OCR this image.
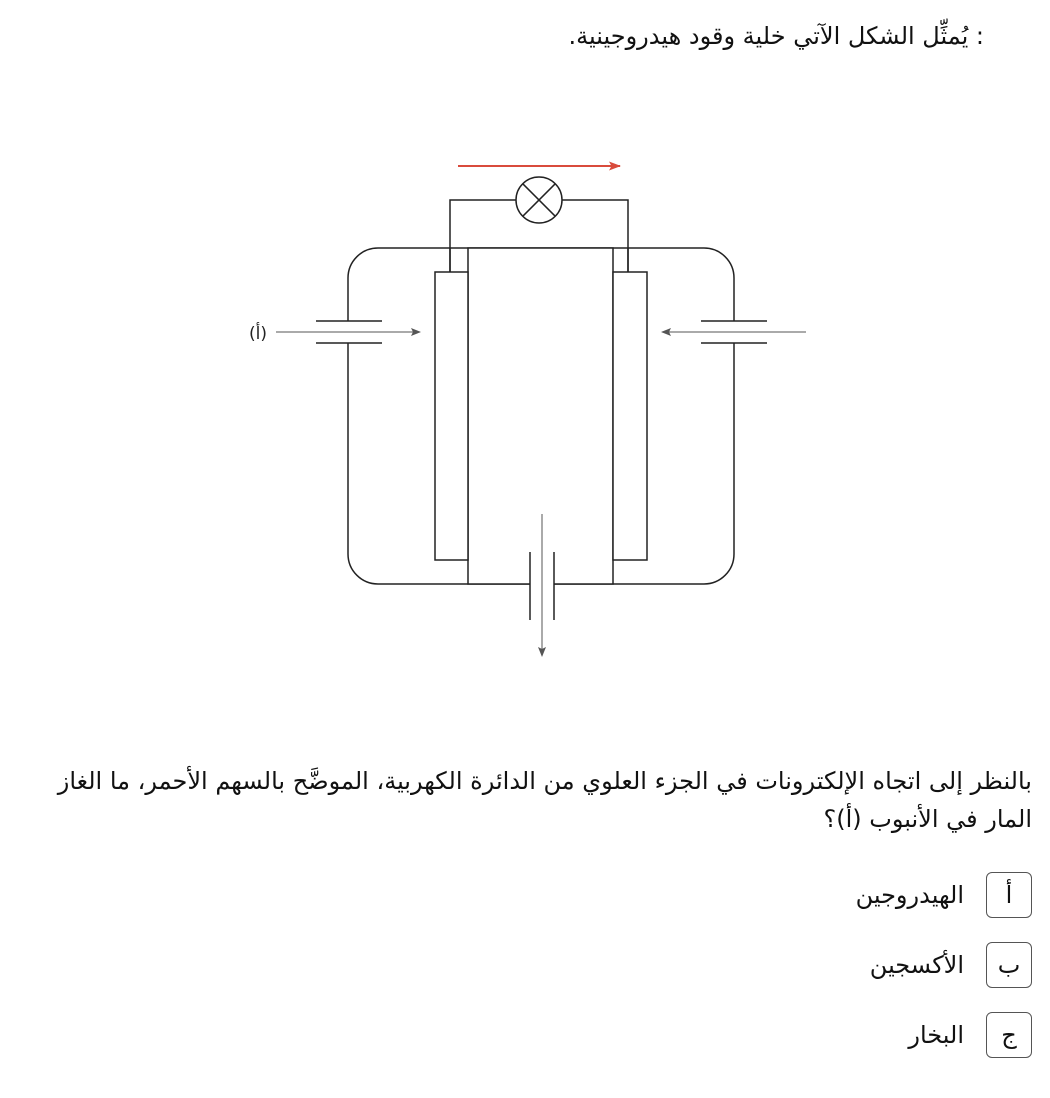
: يُمثِّل الشكل الآتي خلية وقود هيدروجينية.
(أ)
بالنظر إلى اتجاه الإلكترونات في الجزء العلوي من الدائرة الكهربية، الموضَّح بالسهم الأحمر، ما الغاز المار في الأنبوب (أ)؟
أ
الهيدروجين
ب
الأكسجين
ج
البخار
